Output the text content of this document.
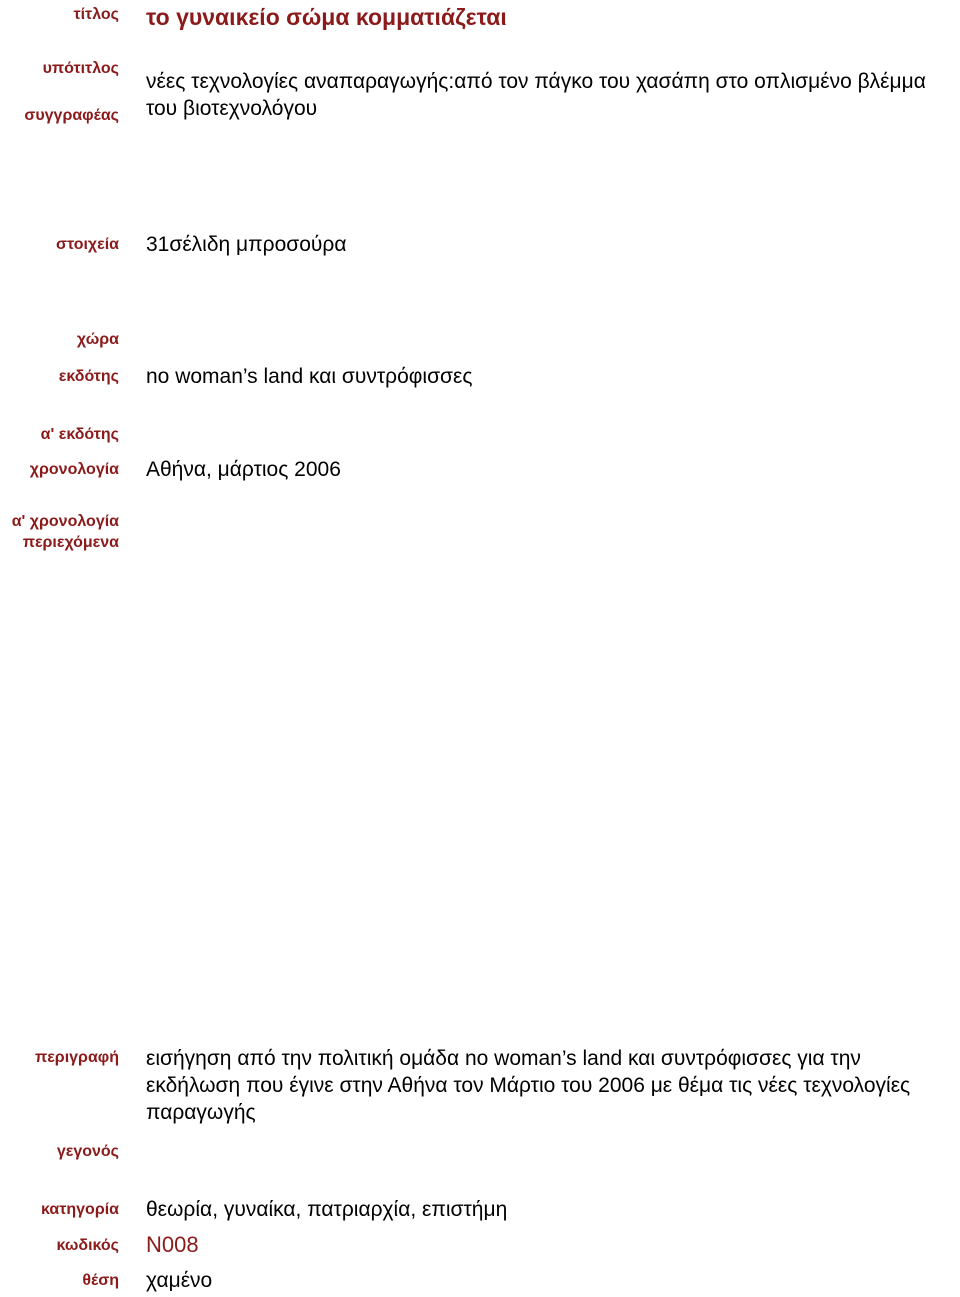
τίτλος
υπότιτλος
συγγραφέας
στοιχεία
χώρα
εκδότης
α' εκδότης
χρονολογία
α' χρονολογία
περιεχόμενα
περιγραφή
γεγονός
κατηγορία
κωδικός
θέση
το γυναικείο σώμα κομματιάζεται
νέες τεχνολογίες αναπαραγωγής:από τον πάγκο του χασάπη στο οπλισμένο βλέμμα του βιοτεχνολόγου
31σέλιδη μπροσούρα
no woman’s land και συντρόφισσες
Αθήνα, μάρτιος 2006
εισήγηση από την πολιτική ομάδα no woman’s land και συντρόφισσες για την εκδήλωση που έγινε στην Αθήνα τον Μάρτιο του 2006 με θέμα τις νέες τεχνολογίες παραγωγής
θεωρία, γυναίκα, πατριαρχία, επιστήμη
Ν008
χαμένο
